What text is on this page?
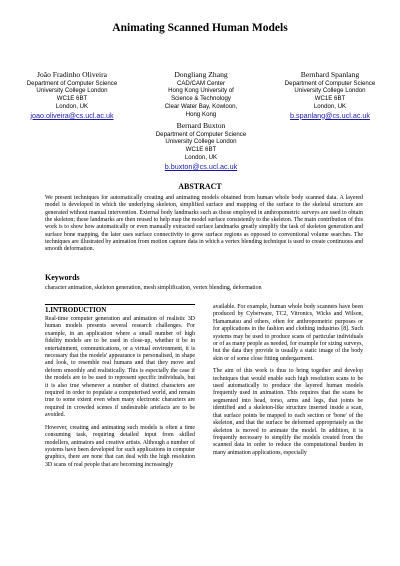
Animating Scanned Human Models
João Fradinho Oliveira
Department of Computer Science
University College London
WC1E 6BT
London, UK
joao.oliveira@cs.ucl.ac.uk
Dongliang Zhang
CAD/CAM Center
Hong Kong University of
Science & Technology
Clear Water Bay, Kowloon,
Hong Kong
Bernhard Spanlang
Department of Computer Science
University College London
WC1E 6BT
London, UK
b.spanlang@cs.ucl.ac.uk
Bernard Buxton
Department of Computer Science
University College London
WC1E 6BT
London, UK
b.buxton@cs.ucl.ac.uk
ABSTRACT

We present techniques for automatically creating and animating models obtained from human whole body scanned data. A layered model is developed in which the underlying skeleton, simplified surface and mapping of the surface to the skeletal structure are generated without manual intervention. External body landmarks such as those employed in anthropometric surveys are used to obtain the skeleton; these landmarks are then reused to help map the model surface consistently to the skeleton. The main contribution of this work is to show how automatically or even manually extracted surface landmarks greatly simplify the task of skeleton generation and surface bone mapping, the later uses surface connectivity to grow surface regions as opposed to conventional volume searches. The techniques are illustrated by animation from motion capture data in which a vertex blending technique is used to create continuous and smooth deformation.

Keywords

character animation, skeleton generation, mesh simplification, vertex blending, deformation

1.INTRODUCTION

Real-time computer generation and animation of realistic 3D human models presents several research challenges. For example, in an application where a small number of high fidelity models are to be used in close-up, whether it be in entertainment, communications, or a virtual environment, it is necessary that the models' appearance is personalised, in shape and look, to resemble real humans and that they move and deform smoothly and realistically. This is especially the case if the models are to be used to represent specific individuals, but it is also true whenever a number of distinct characters are required in order to populate a computerised world, and remain true to some extent even when many electronic characters are required in crowded scenes if undesirable artefacts are to be avoided.

However, creating and animating such models is often a time consuming task, requiring detailed input from skilled modellers, animators and creative artists. Although a number of systems have been developed for such applications in computer graphics, there are none that can deal with the high resolution 3D scans of real people that are becoming increasingly

available. For example, human whole body scanners have been produced by Cyberware, TC2, Vitronics, Wicks and Wilson, Hamamatsu and others, often for anthropometric purposes or for applications in the fashion and clothing industries [8]. Such systems may be used to produce scans of particular individuals or of as many people as needed, for example for sizing surveys, but the data they provide is usually a static image of the body skin or of some close fitting undergarment.

The aim of this work is thus to bring together and develop techniques that would enable such high resolution scans to be used automatically to produce the layered human models frequently used in animation. This requires that the scans be segmented into head, torso, arms and legs, that joints be identified and a skeleton-like structure inserted inside a scan, that surface points be mapped to each section or 'bone' of the skeleton, and that the surface be deformed appropriately as the skeleton is moved to animate the model. In addition, it is frequently necessary to simplify the models created from the scanned data in order to reduce the computational burden in many animation applications, especially
